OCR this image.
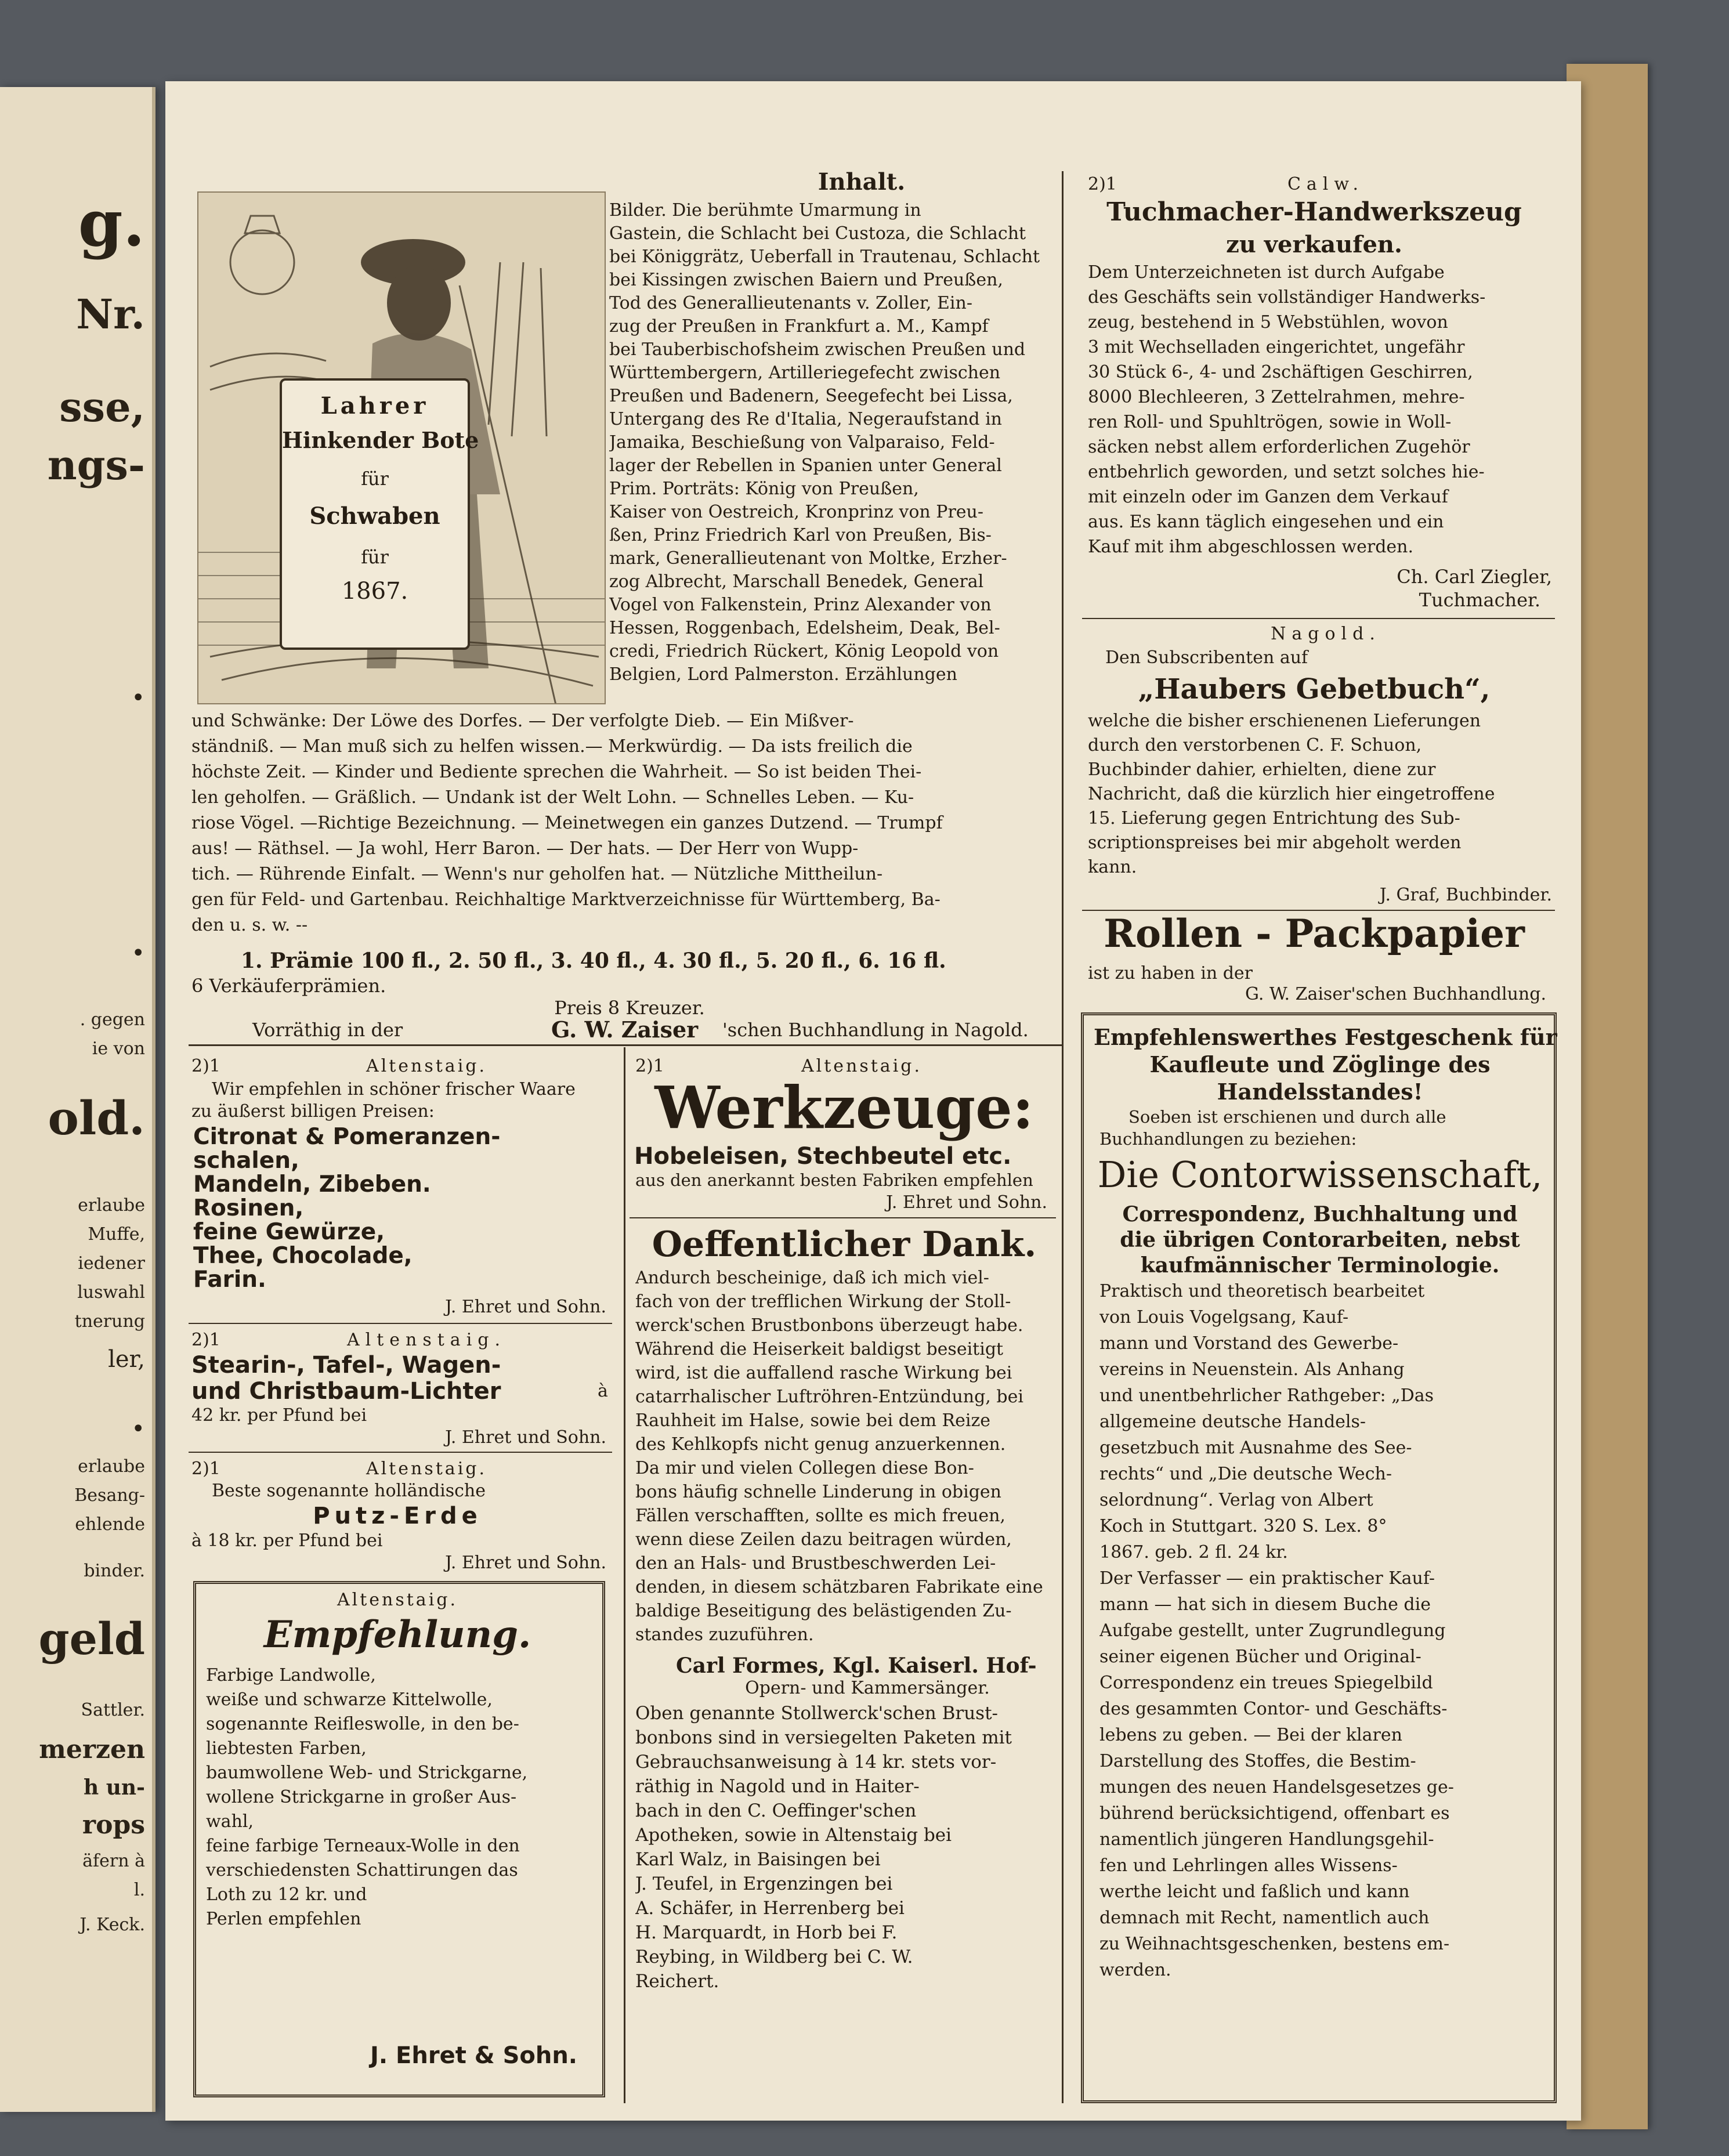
g.
Nr.
sse,
ngs-
•
•
. gegen
ie von
old.
erlaube
Muffe,
iedener
luswahl
tnerung
ler,
•
erlaube
Besang-
ehlende
binder.
geld
Sattler.
merzen
h un-
rops
äfern à
l.
J. Keck.
Inhalt.
Lahrer
Hinkender Bote
für
Schwaben
für
1867.
Bilder. Die berühmte Umarmung in
Gastein, die Schlacht bei Custoza, die Schlacht
bei Königgrätz, Ueberfall in Trautenau, Schlacht
bei Kissingen zwischen Baiern und Preußen,
Tod des Generallieutenants v. Zoller, Ein-
zug der Preußen in Frankfurt a. M., Kampf
bei Tauberbischofsheim zwischen Preußen und
Württembergern, Artilleriegefecht zwischen
Preußen und Badenern, Seegefecht bei Lissa,
Untergang des Re d'Italia, Negeraufstand in
Jamaika, Beschießung von Valparaiso, Feld-
lager der Rebellen in Spanien unter General
Prim. Porträts: König von Preußen,
Kaiser von Oestreich, Kronprinz von Preu-
ßen, Prinz Friedrich Karl von Preußen, Bis-
mark, Generallieutenant von Moltke, Erzher-
zog Albrecht, Marschall Benedek, General
Vogel von Falkenstein, Prinz Alexander von
Hessen, Roggenbach, Edelsheim, Deak, Bel-
credi, Friedrich Rückert, König Leopold von
Belgien, Lord Palmerston. Erzählungen
und Schwänke: Der Löwe des Dorfes. — Der verfolgte Dieb. — Ein Mißver-
ständniß. — Man muß sich zu helfen wissen.— Merkwürdig. — Da ists freilich die
höchste Zeit. — Kinder und Bediente sprechen die Wahrheit. — So ist beiden Thei-
len geholfen. — Gräßlich. — Undank ist der Welt Lohn. — Schnelles Leben. — Ku-
riose Vögel. —Richtige Bezeichnung. — Meinetwegen ein ganzes Dutzend. — Trumpf
aus! — Räthsel. — Ja wohl, Herr Baron. — Der hats. — Der Herr von Wupp-
tich. — Rührende Einfalt. — Wenn's nur geholfen hat. — Nützliche Mittheilun-
gen für Feld- und Gartenbau. Reichhaltige Marktverzeichnisse für Württemberg, Ba-
den u. s. w. --
1. Prämie 100 fl., 2. 50 fl., 3. 40 fl., 4. 30 fl., 5. 20 fl., 6. 16 fl.
6 Verkäuferprämien.
Preis 8 Kreuzer.
Vorräthig in der	G. W. Zaiser 'schen Buchhandlung in Nagold.
2)1	Altenstaig.
Wir empfehlen in schöner frischer Waare
zu äußerst billigen Preisen:
Citronat & Pomeranzen-
schalen,
Mandeln, Zibeben.
Rosinen,
feine Gewürze,
Thee, Chocolade,
Farin.
J. Ehret und Sohn.
2)1	Altenstaig.
Stearin-, Tafel-, Wagen-
und Christbaum-Lichter	à
42 kr. per Pfund bei
J. Ehret und Sohn.
2)1	Altenstaig.
Beste sogenannte holländische
Putz-Erde
à 18 kr. per Pfund bei
J. Ehret und Sohn.
Altenstaig.
Empfehlung.
Farbige Landwolle,
weiße und schwarze Kittelwolle,
sogenannte Reifleswolle, in den be-
liebtesten Farben,
baumwollene Web- und Strickgarne,
wollene Strickgarne in großer Aus-
wahl,
feine farbige Terneaux-Wolle in den
verschiedensten Schattirungen das
Loth zu 12 kr. und
Perlen empfehlen
J. Ehret & Sohn.
2)1	Altenstaig.
Werkzeuge:
Hobeleisen, Stechbeutel etc.
aus den anerkannt besten Fabriken empfehlen
J. Ehret und Sohn.
Oeffentlicher Dank.
Andurch bescheinige, daß ich mich viel-
fach von der trefflichen Wirkung der Stoll-
werck'schen Brustbonbons überzeugt habe.
Während die Heiserkeit baldigst beseitigt
wird, ist die auffallend rasche Wirkung bei
catarrhalischer Luftröhren-Entzündung, bei
Rauhheit im Halse, sowie bei dem Reize
des Kehlkopfs nicht genug anzuerkennen.
Da mir und vielen Collegen diese Bon-
bons häufig schnelle Linderung in obigen
Fällen verschafften, sollte es mich freuen,
wenn diese Zeilen dazu beitragen würden,
den an Hals- und Brustbeschwerden Lei-
denden, in diesem schätzbaren Fabrikate eine
baldige Beseitigung des belästigenden Zu-
standes zuzuführen.
Carl Formes, Kgl. Kaiserl. Hof-
Opern- und Kammersänger.
Oben genannte Stollwerck'schen Brust-
bonbons sind in versiegelten Paketen mit
Gebrauchsanweisung à 14 kr. stets vor-
räthig in Nagold und in Haiter-
bach in den C. Oeffinger'schen
Apotheken, sowie in Altenstaig bei
Karl Walz, in Baisingen bei
J. Teufel, in Ergenzingen bei
A. Schäfer, in Herrenberg bei
H. Marquardt, in Horb bei F.
Reybing, in Wildberg bei C. W.
Reichert.
2)1	Calw.
Tuchmacher-Handwerkszeug
zu verkaufen.
Dem Unterzeichneten ist durch Aufgabe
des Geschäfts sein vollständiger Handwerks-
zeug, bestehend in 5 Webstühlen, wovon
3 mit Wechselladen eingerichtet, ungefähr
30 Stück 6-, 4- und 2schäftigen Geschirren,
8000 Blechleeren, 3 Zettelrahmen, mehre-
ren Roll- und Spuhltrögen, sowie in Woll-
säcken nebst allem erforderlichen Zugehör
entbehrlich geworden, und setzt solches hie-
mit einzeln oder im Ganzen dem Verkauf
aus. Es kann täglich eingesehen und ein
Kauf mit ihm abgeschlossen werden.
Ch. Carl Ziegler,
Tuchmacher.
Nagold.
Den Subscribenten auf
„Haubers Gebetbuch“,
welche die bisher erschienenen Lieferungen
durch den verstorbenen C. F. Schuon,
Buchbinder dahier, erhielten, diene zur
Nachricht, daß die kürzlich hier eingetroffene
15. Lieferung gegen Entrichtung des Sub-
scriptionspreises bei mir abgeholt werden
kann.
J. Graf, Buchbinder.
Rollen - Packpapier
ist zu haben in der
G. W. Zaiser'schen Buchhandlung.
Empfehlenswerthes Festgeschenk für
Kaufleute und Zöglinge des
Handelsstandes!
Soeben ist erschienen und durch alle
Buchhandlungen zu beziehen:
Die Contorwissenschaft,
Correspondenz, Buchhaltung und
die übrigen Contorarbeiten, nebst
kaufmännischer Terminologie.
Praktisch und theoretisch bearbeitet
von Louis Vogelgsang, Kauf-
mann und Vorstand des Gewerbe-
vereins in Neuenstein. Als Anhang
und unentbehrlicher Rathgeber: „Das
allgemeine deutsche Handels-
gesetzbuch mit Ausnahme des See-
rechts“ und „Die deutsche Wech-
selordnung“. Verlag von Albert
Koch in Stuttgart. 320 S. Lex. 8°
1867. geb. 2 fl. 24 kr.
Der Verfasser — ein praktischer Kauf-
mann — hat sich in diesem Buche die
Aufgabe gestellt, unter Zugrundlegung
seiner eigenen Bücher und Original-
Correspondenz ein treues Spiegelbild
des gesammten Contor- und Geschäfts-
lebens zu geben. — Bei der klaren
Darstellung des Stoffes, die Bestim-
mungen des neuen Handelsgesetzes ge-
bührend berücksichtigend, offenbart es
namentlich jüngeren Handlungsgehil-
fen und Lehrlingen alles Wissens-
werthe leicht und faßlich und kann
demnach mit Recht, namentlich auch
zu Weihnachtsgeschenken, bestens em-
werden.
